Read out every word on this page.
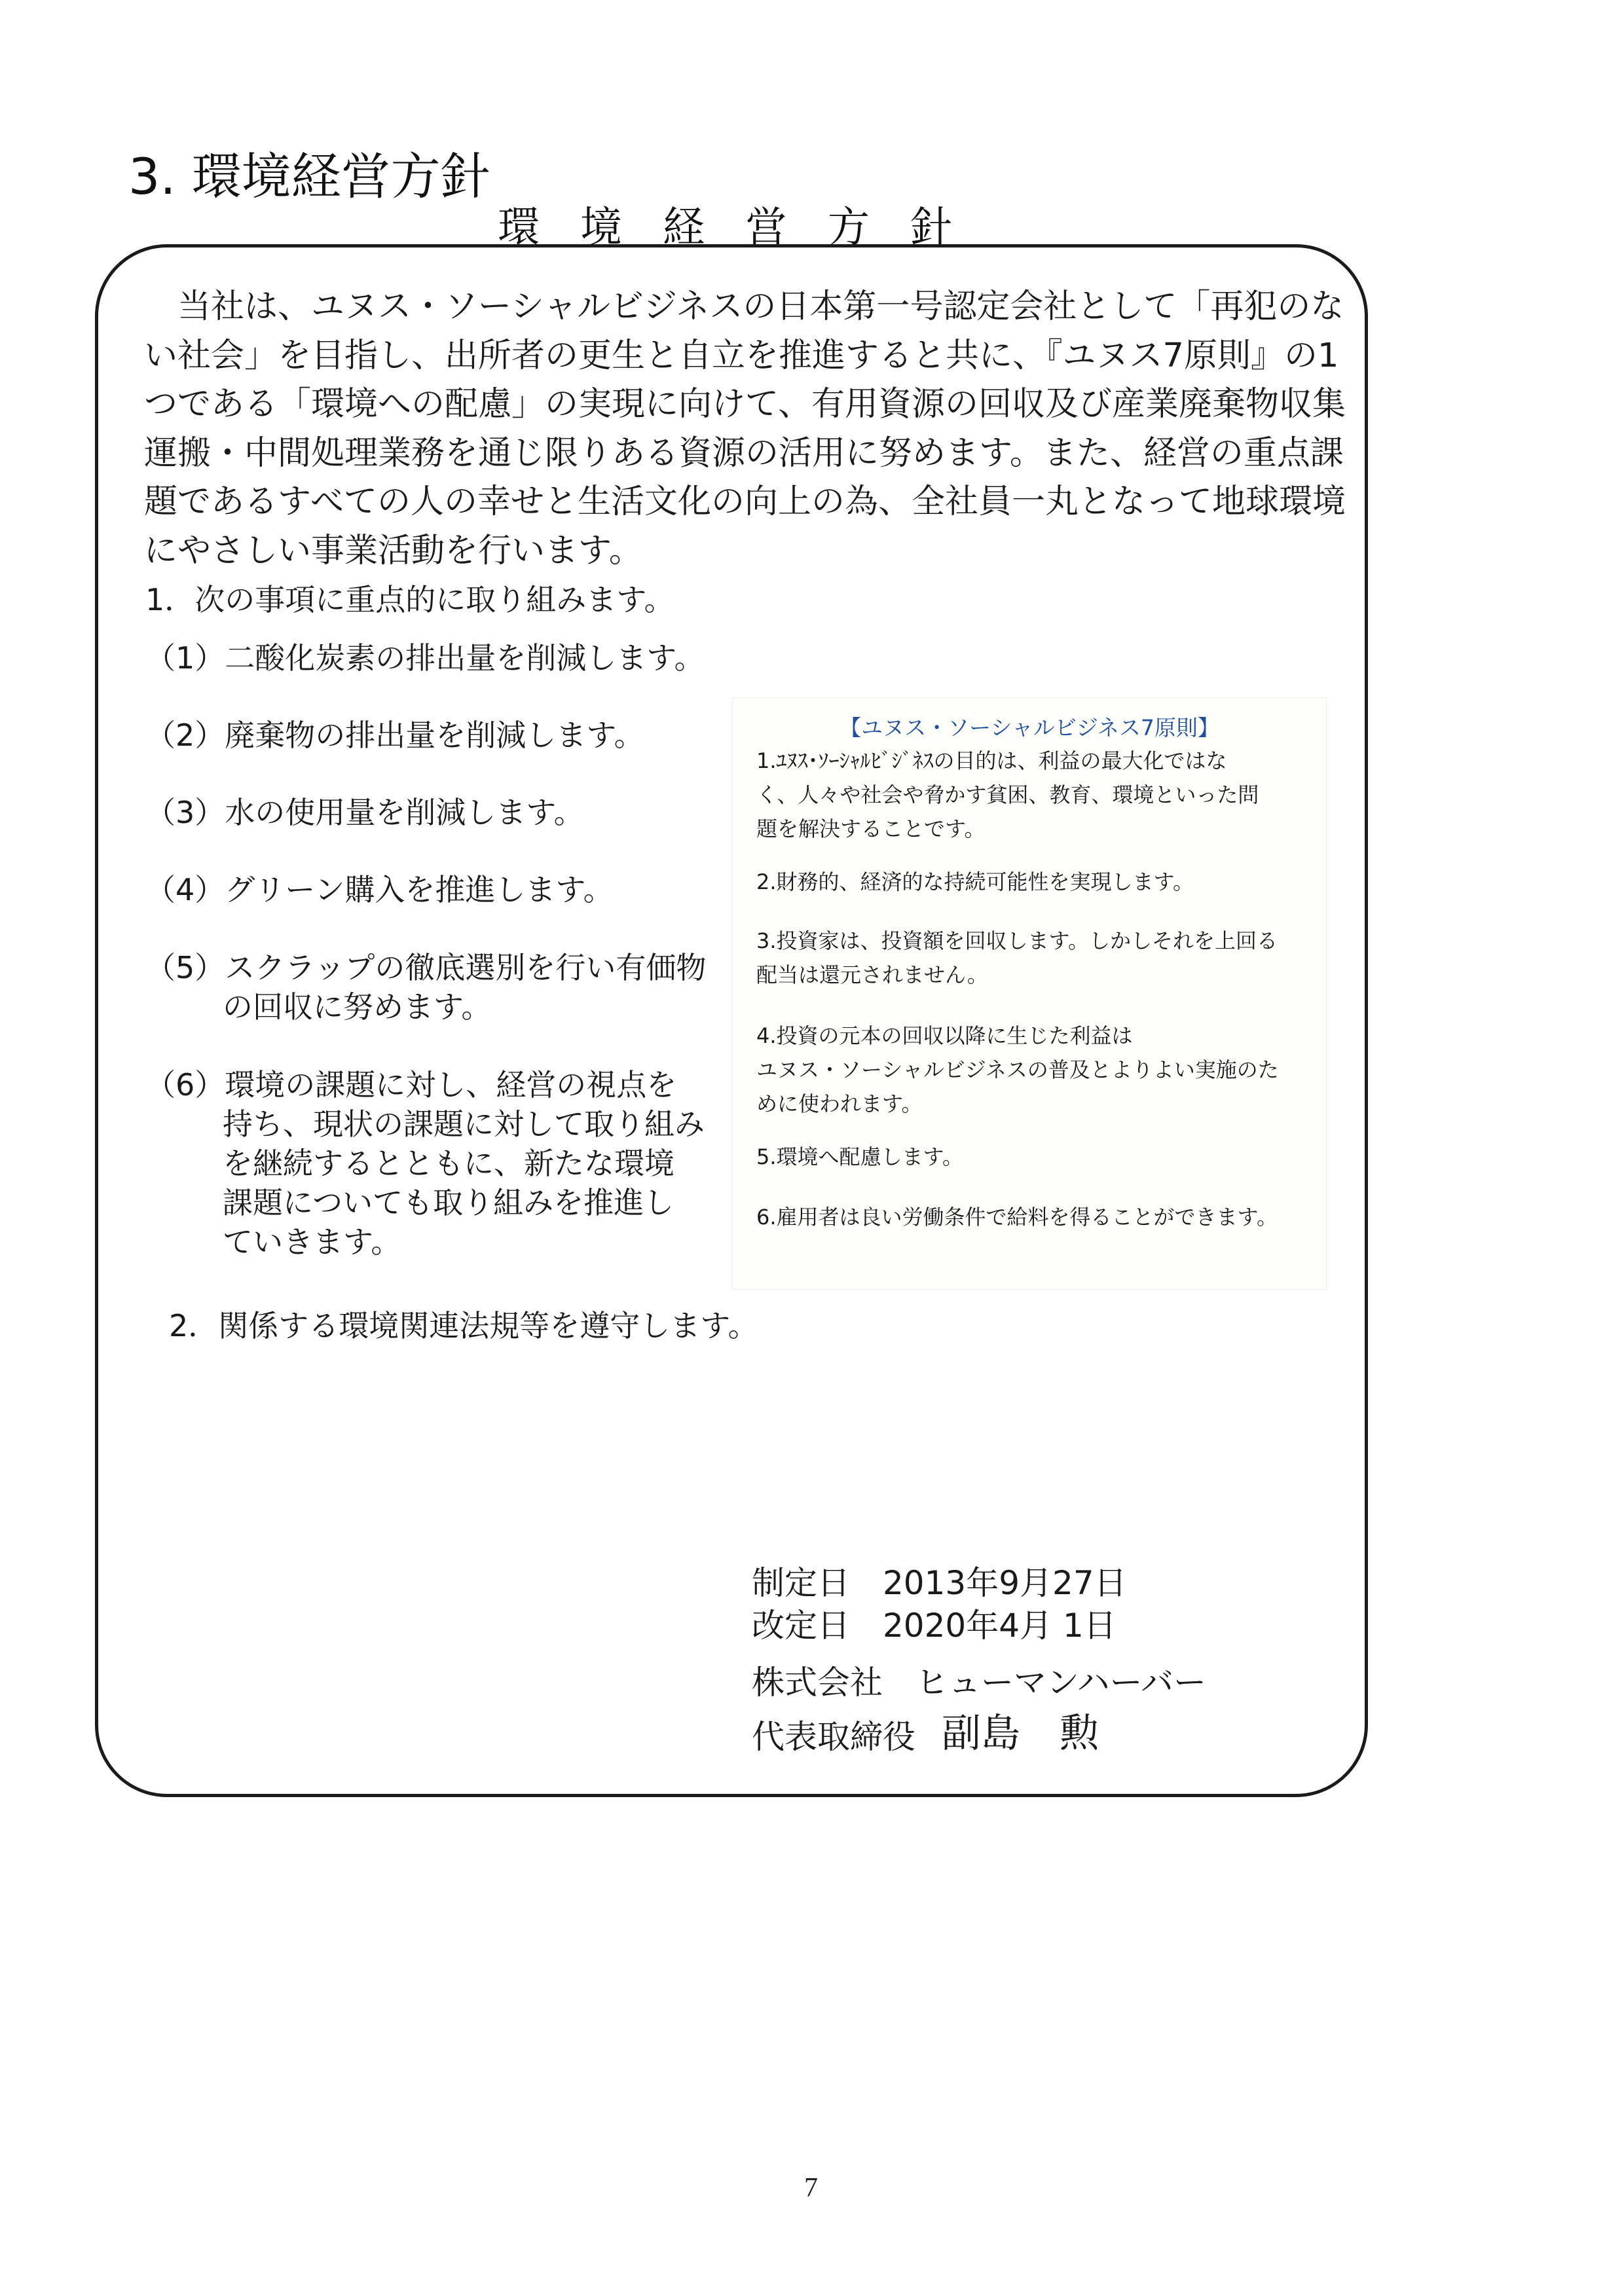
3. 環境経営方針
環境経営方針

　当社は、ユヌス・ソーシャルビジネスの日本第一号認定会社として「再犯のな

い社会」を目指し、出所者の更生と自立を推進すると共に、『ユヌス7原則』の1

つである「環境への配慮」の実現に向けて、有用資源の回収及び産業廃棄物収集

運搬・中間処理業務を通じ限りある資源の活用に努めます。また、経営の重点課

題であるすべての人の幸せと生活文化の向上の為、全社員一丸となって地球環境

にやさしい事業活動を行います。

1．次の事項に重点的に取り組みます。
（1）二酸化炭素の排出量を削減します。
（2）廃棄物の排出量を削減します。
（3）水の使用量を削減します。
（4）グリーン購入を推進します。
（5）スクラップの徹底選別を行い有価物
の回収に努めます。
（6）環境の課題に対し、経営の視点を
持ち、現状の課題に対して取り組み
を継続するとともに、新たな環境
課題についても取り組みを推進し
ていきます。
2．関係する環境関連法規等を遵守します。
【ユヌス・ソーシャルビジネス7原則】
1.ﾕﾇｽ･ｿｰｼｬﾙﾋﾞｼﾞﾈｽの目的は、利益の最大化ではな
く、人々や社会や脅かす貧困、教育、環境といった問
題を解決することです。
2.財務的、経済的な持続可能性を実現します。
3.投資家は、投資額を回収します。しかしそれを上回る
配当は還元されません。
4.投資の元本の回収以降に生じた利益は
ユヌス・ソーシャルビジネスの普及とよりよい実施のた
めに使われます。
5.環境へ配慮します。
6.雇用者は良い労働条件で給料を得ることができます。
制定日　2013年9月27日
改定日　2020年4月 1日
株式会社　ヒューマンハーバー
代表取締役 副島　勲
7
